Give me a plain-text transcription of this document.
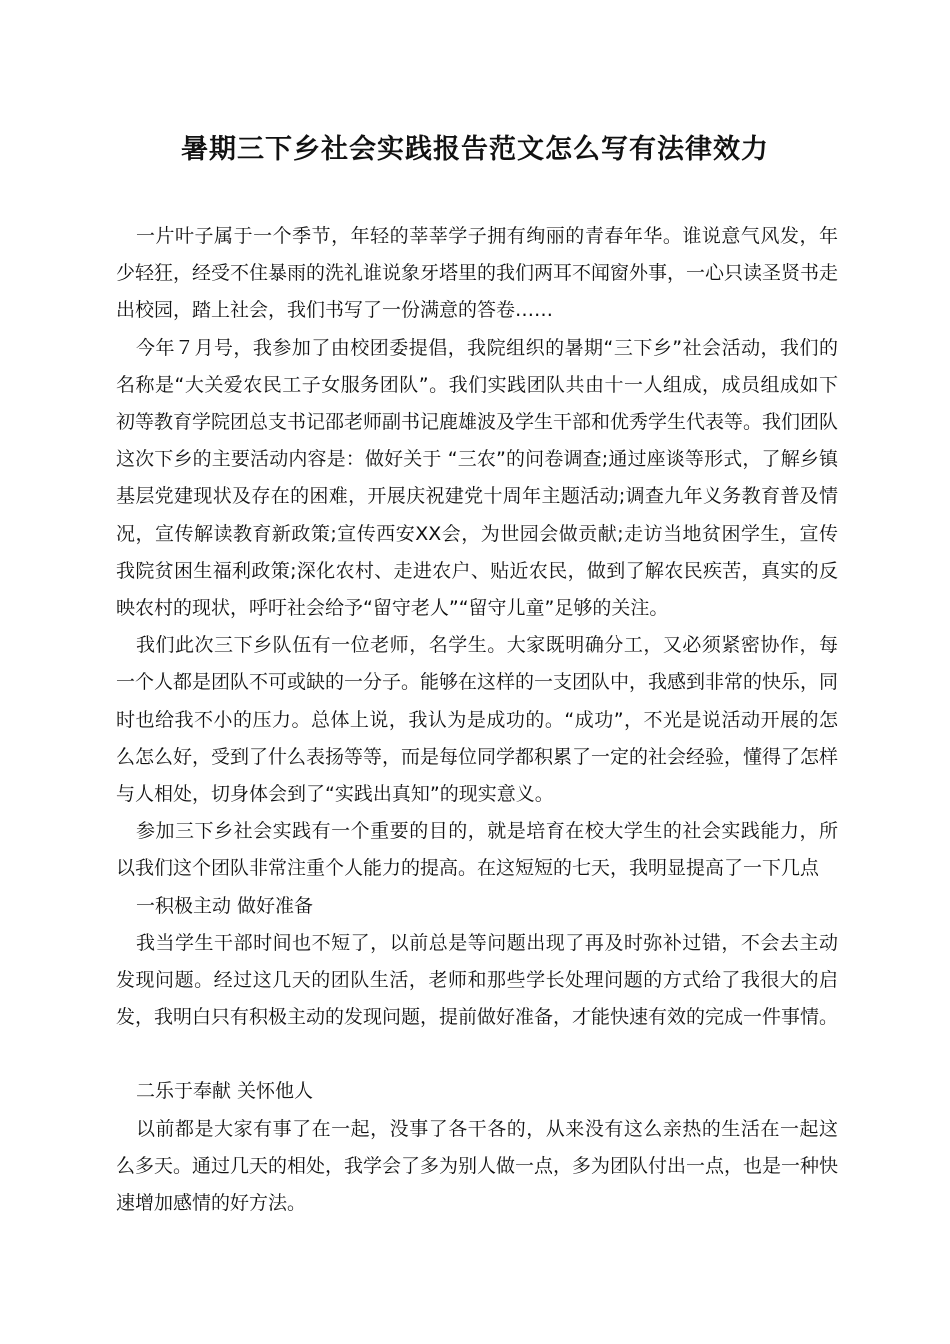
暑期三下乡社会实践报告范文怎么写有法律效力

一片叶子属于一个季节，年轻的莘莘学子拥有绚丽的青春年华。谁说意气风发，年少轻狂，经受不住暴雨的洗礼谁说象牙塔里的我们两耳不闻窗外事，一心只读圣贤书走出校园，踏上社会，我们书写了一份满意的答卷……

今年７月号，我参加了由校团委提倡，我院组织的暑期“三下乡”社会活动，我们的名称是“大关爱农民工子女服务团队”。我们实践团队共由十一人组成，成员组成如下初等教育学院团总支书记邵老师副书记鹿雄波及学生干部和优秀学生代表等。我们团队这次下乡的主要活动内容是：做好关于 “三农”的问卷调查;通过座谈等形式，了解乡镇基层党建现状及存在的困难，开展庆祝建党十周年主题活动;调查九年义务教育普及情况，宣传解读教育新政策;宣传西安XX会，为世园会做贡献;走访当地贫困学生，宣传我院贫困生福利政策;深化农村、走进农户、贴近农民，做到了解农民疾苦，真实的反映农村的现状，呼吁社会给予“留守老人”“留守儿童”足够的关注。

我们此次三下乡队伍有一位老师，名学生。大家既明确分工，又必须紧密协作，每一个人都是团队不可或缺的一分子。能够在这样的一支团队中，我感到非常的快乐，同时也给我不小的压力。总体上说，我认为是成功的。“成功”，不光是说活动开展的怎么怎么好，受到了什么表扬等等，而是每位同学都积累了一定的社会经验，懂得了怎样与人相处，切身体会到了“实践出真知”的现实意义。

参加三下乡社会实践有一个重要的目的，就是培育在校大学生的社会实践能力，所以我们这个团队非常注重个人能力的提高。在这短短的七天，我明显提高了一下几点

一积极主动 做好准备

我当学生干部时间也不短了，以前总是等问题出现了再及时弥补过错，不会去主动发现问题。经过这几天的团队生活，老师和那些学长处理问题的方式给了我很大的启发，我明白只有积极主动的发现问题，提前做好准备，才能快速有效的完成一件事情。

二乐于奉献 关怀他人

以前都是大家有事了在一起，没事了各干各的，从来没有这么亲热的生活在一起这么多天。通过几天的相处，我学会了多为别人做一点，多为团队付出一点，也是一种快速增加感情的好方法。
